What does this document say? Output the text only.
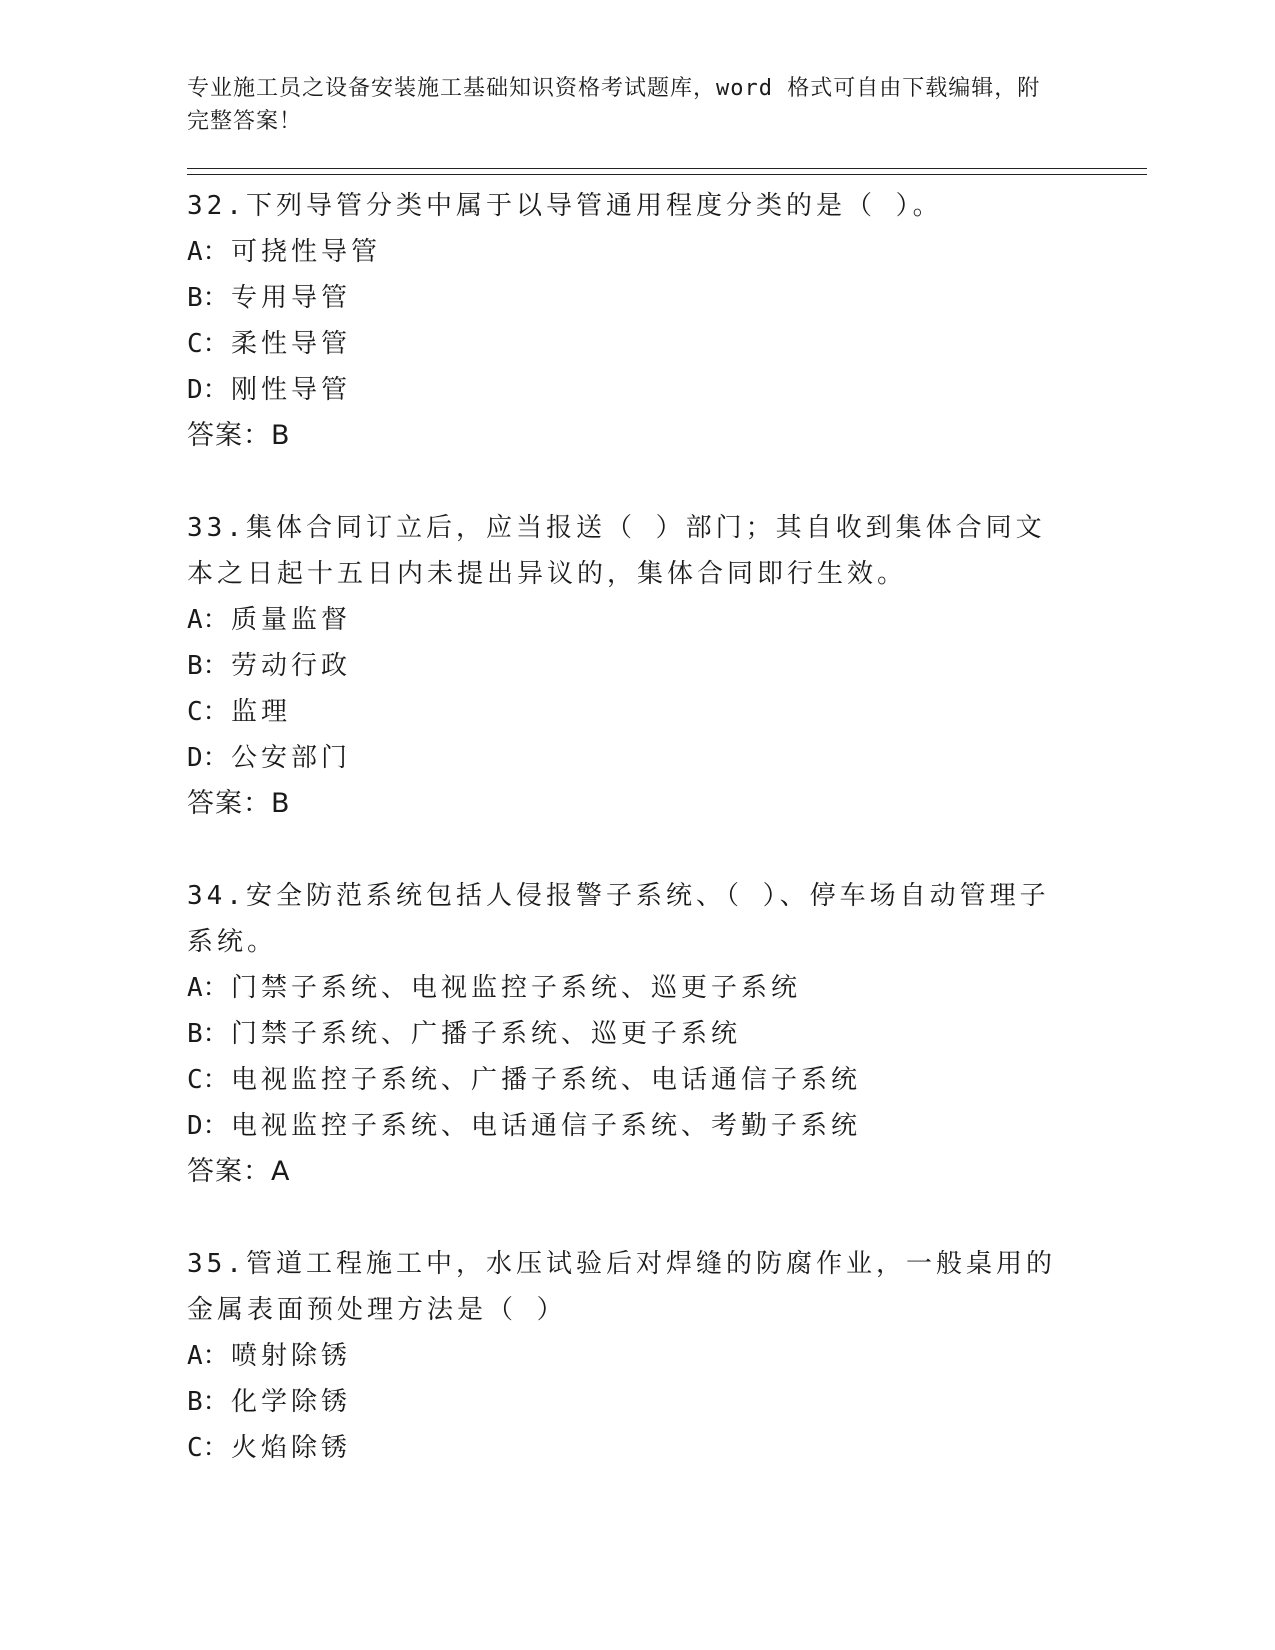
专业施工员之设备安装施工基础知识资格考试题库，word 格式可自由下载编辑，附完整答案！

32.下列导管分类中属于以导管通用程度分类的是（ ）。

A：可挠性导管

B：专用导管

C：柔性导管

D：刚性导管

答案：B

33.集体合同订立后，应当报送（ ）部门；其自收到集体合同文本之日起十五日内未提出异议的，集体合同即行生效。

A：质量监督

B：劳动行政

C：监理

D：公安部门

答案：B

34.安全防范系统包括人侵报警子系统、（ ）、停车场自动管理子系统。

A：门禁子系统、电视监控子系统、巡更子系统

B：门禁子系统、广播子系统、巡更子系统

C：电视监控子系统、广播子系统、电话通信子系统

D：电视监控子系统、电话通信子系统、考勤子系统

答案：A

35.管道工程施工中，水压试验后对焊缝的防腐作业，一般桌用的金属表面预处理方法是（ ）

A：喷射除锈

B：化学除锈

C：火焰除锈
